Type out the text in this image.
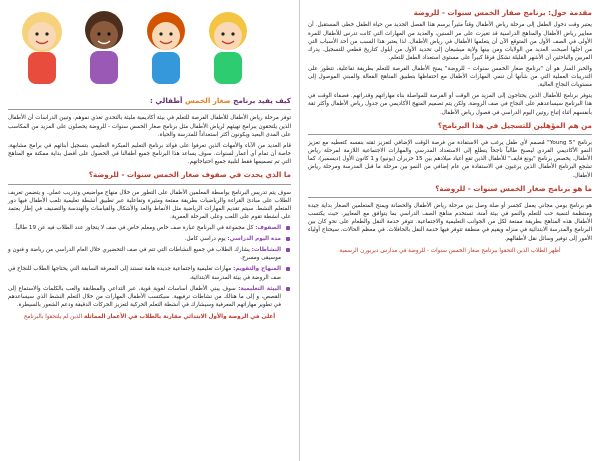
كيف يفيد برنامج صغار الخمس أطفالي :

توفر مرحلة رياض الأطفال للأطفال الفرصة للتعلم في بيئة أكاديمية مليئة بالتحدي تغذي نموهم. وتبين الدراسات أن الأطفال الذين يلتحقون ببرامج تهيئهم لرياض الأطفال مثل برنامج صغار الخمس سنوات - للروضة يحصلون على المزيد من المكاسب على المدى البعيد ويكونون أكثر استعداداً للمدرسة والحياة.

قام العديد من الآباء والأمهات الذين تعرفوا على فوائد برنامج التعليم المبكرة التعليمي بتسجيل أبنائهم في برامج مشابهة، خاصة أن تمام أي أعمار لسنوات. سوف يساعد هذا البرنامج جميع أطفالنا في الحصول على أفضل بداية ممكنة مع المناهج التي تم تصميمها فقط لتلبية جميع احتياجاتهم.

ما الذي يحدث في صفوف صغار الخمس سنوات - للروضة؟

سوف يتم تدريس البرنامج بواسطة المعلمين الأطفال على التطور من خلال منهاج مواضيعي وتدريب عملي. و يتضمن تعريف الطلاب على مبادئ القراءة والرياضيات بطريقة ممتعة ومثيرة وتفاعلية عبر تطبيق أنشطة تعليمية تلعب الأطفال فيها دور المتعلم النشط. سيتم تقديم المهارات الرياضية مثل الأنماط والعد والأشكال والقياسات والهندسة والتصنيف في إطار يعتمد على أنشطة تقوم على اللعب وعلى المرحلة العمرية.

الصفوف: كل مجموعة في البرنامج عبارة صف خاص ومعلم خاص في صف لا يتجاوز عدد الطلاب فيه عن 19 طالباً.
مدة اليوم الدراسي: يوم دراسي كامل.
النشاطات: يشارك الطلاب في جميع النشاطات التي تتم في صف التحضيري خلال العام الدراسي من رياضة و فنون و موسيقى ومسرح.
المنهاج والتقويم: مهارات تعليمية واجتماعية جديدة هامة تستند إلى المعرفة السابقة التي يحتاجها الطلاب للنجاح في صف الروضة في بيئة المدرسة الابتدائية.
البيئة التعليمية: سوف يبني الأطفال أساسات لغوية قوية، عبر التداعي والمطابقة والعب بالكلمات والاستماع إلى القصص، و إلى ما هنالك من نشاطات ترفيهية. سيكتسب الأطفال المهارات من خلال التعلم النشط الذي سيساعدهم في تطوير مهاراتهم المعرفية وسيشارك في أنشطة التعلم الحركية لتعزيز الحركات الدقيقة ودعم الشعور بالسيطرة.
أعلى في الروضة والأول الابتدائي مقارنة بالطلاب في الأعمار المماثلة الذين لم يلتحقوا بالبرنامج
مقدمة حول: برنامج صفار الخمس سنوات - للروضة

يعتبر وقت دخول الطفل إلى مرحلة رياض الأطفال وقتاً مثيراً يرسم هذا الفصل الجديد من حياة الطفل خطى المستقبل. أن معايير رياض الأطفال والمناهج الدراسية قد تغيرت على مر السنين، والعديد من المهارات التي كانت تدرس للأطفال للمرة الأولى في الصف الأول من المتوقع الآن أن يتعلمها الأطفال في رياض الأطفال. لذا يعتبر هذا السبب من أحد الأسباب التي من أجلها أصبحت العديد من الولايات ومن بينها ولاية ميشيغان إلى تحديد الأول من أيلول كتاريخ قطعي للتسجيل. يدرك المربين والباحثين أن الأشهر القليلة تشكل فرقا كبيراً على مستوى استعداد الطفل للتعلم.

والخبر السار هو أن "برنامج صغار الخمس سنوات – للروضة" يمنح الأطفال الفرصة للتعلم بطريقة تفاعلية، تتطور على التدريبات العملية التي من شأنها أن تنمي المهارات الأطفال مع احتفاظها بتطبيق المناهج الفعالة والمبني الموصول إلى مستويات النجاح العالية.

يتوفر برنامج للأطفال الذين يحتاجون إلى المزيد من الوقت أو الفرصة للمواصلة بناء مهاراتهم وقدراتهم. فصفاء الوقت في هذا البرنامج سيساعدهم على النجاح في صف الروضة. ولكن يتم تصميم المنهج الأكاديمي من جدول رياض الأطفال وأكثر ثقة بأنفسهم أثناء إتباع روتين اليوم الدراسي في فصول رياض الأطفال.

من هم المؤهلين للتسجيل في هذا البرنامج؟

برنامج "Young 5" مُصمم لأي طفل يرغب في الاستفادة من فرصة الوقت الإضافي لتعزيز ثقته بنفسه كتعطيه مع تعزيز النمو الأكاديمي الفردي ليصبح طالباً ناجحاً يتطلع إلى الاستعداد المدرسي والمهارات الاجتماعية اللازمة لمرحلة رياض الأطفال. يخصص برنامج "يونغ فايف" للأطفال الذين تقع أعياد ميلادهم بين 15 حزيران (يونيو) و 1 كانون الأول (ديسمبر). كما تشجع البرنامج الأطفال الذين يرغبون في الاستفادة من عام إضافي من النمو بين مرحلة ما قبل المدرسة ومرحلة رياض الأطفال.

ما هو برنامج صغار الخمس سنوات - للروضة؟

هو برنامج يومي مجاني يعمل كجسر أو صلة وصل بين مرحلة رياض الأطفال والحضانة ويمنح المتعلمين الصغار بداية جيدة ومنتظمة لتنمية حب للتعلم والنمو في بيئة آمنة، تستخدم مناهج الصف الدراسي بما يتوافق مع المعايير. حيث يكتسب الأطفال هذه المناهج بطريقة ممتعة لكل من الجوانب التعليمية والاجتماعية. تتوفر خدمة النقل والطعام على نحو كان بين البرنامج والمدرسة الابتدائية في منزله ويقيم في منطقة تتوفر فيها خدمة النقل بالحافلات. في معظم الحالات، سيحتاج أولياء الأمور إلى توفير وسائل نقل لأطفالهم.

أظهر الطلاب الذين التحقوا ببرنامج صغار الخمس سنوات - للروضة في مدارس ديربورن الرسمية
